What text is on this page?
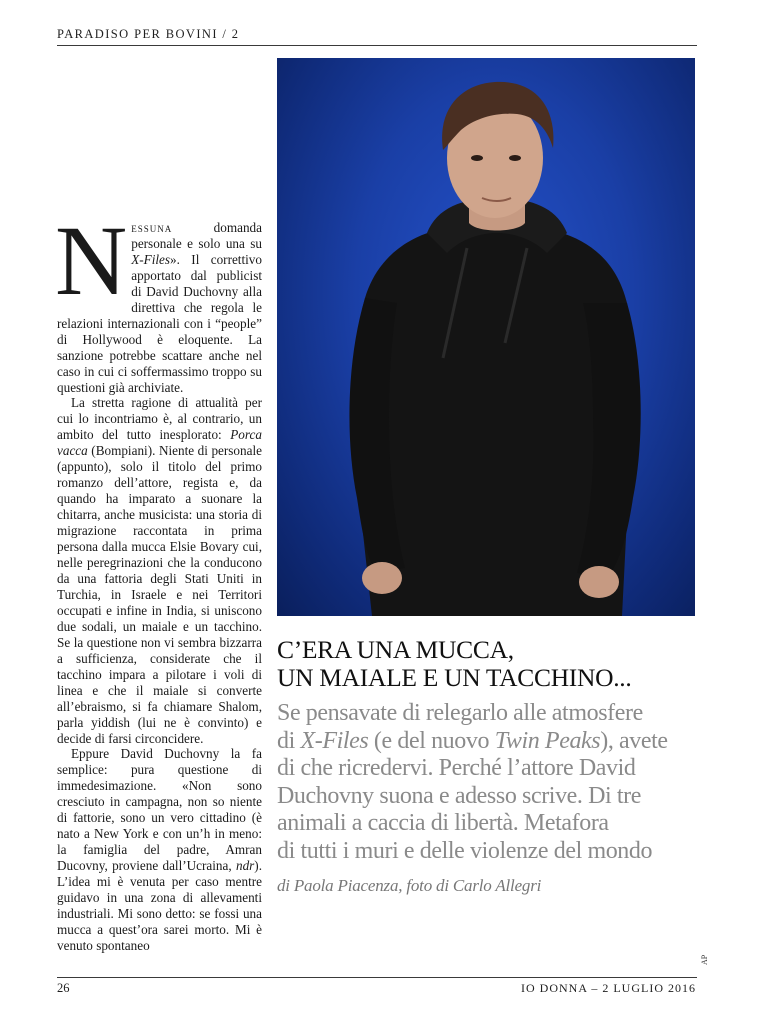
PARADISO PER BOVINI / 2

Nessuna domanda personale e solo una su X-Files». Il correttivo apportato dal publicist di David Duchovny alla direttiva che regola le relazioni internazionali con i “people” di Hollywood è eloquente. La sanzione potrebbe scattare anche nel caso in cui ci soffermassimo troppo su questioni già archiviate.

La stretta ragione di attualità per cui lo incontriamo è, al contrario, un ambito del tutto inesplorato: Porca vacca (Bompiani). Niente di personale (appunto), solo il titolo del primo romanzo dell’attore, regista e, da quando ha imparato a suonare la chitarra, anche musicista: una storia di migrazione raccontata in prima persona dalla mucca Elsie Bovary cui, nelle peregrinazioni che la conducono da una fattoria degli Stati Uniti in Turchia, in Israele e nei Territori occupati e infine in India, si uniscono due sodali, un maiale e un tacchino. Se la questione non vi sembra bizzarra a sufficienza, considerate che il tacchino impara a pilotare i voli di linea e che il maiale si converte all’ebraismo, si fa chiamare Shalom, parla yiddish (lui ne è convinto) e decide di farsi circoncidere.

Eppure David Duchovny la fa semplice: pura questione di immedesimazione. «Non sono cresciuto in campagna, non so niente di fattorie, sono un vero cittadino (è nato a New York e con un’h in meno: la famiglia del padre, Amran Ducovny, proviene dall’Ucraina, ndr). L’idea mi è venuta per caso mentre guidavo in una zona di allevamenti industriali. Mi sono detto: se fossi una mucca a quest’ora sarei morto. Mi è venuto spontaneo

C’ERA UNA MUCCA,
UN MAIALE E UN TACCHINO...
Se pensavate di relegarlo alle atmosfere
di X-Files (e del nuovo Twin Peaks), avete
di che ricredervi. Perché l’attore David
Duchovny suona e adesso scrive. Di tre
animali a caccia di libertà. Metafora
di tutti i muri e delle violenze del mondo
di Paola Piacenza, foto di Carlo Allegri
AP
26	IO DONNA – 2 LUGLIO 2016
